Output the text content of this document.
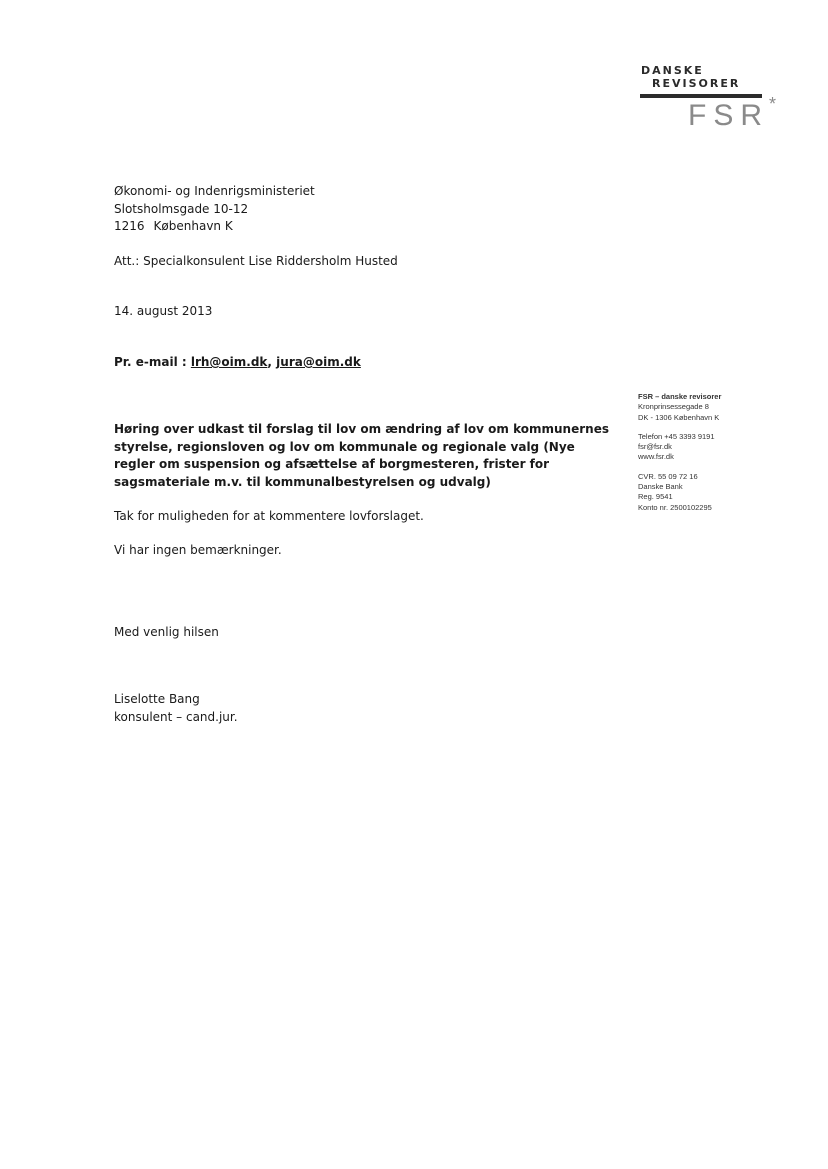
DANSKE
REVISORER
FSR*
Økonomi- og Indenrigsministeriet
Slotsholmsgade 10-12
1216 København K
Att.: Specialkonsulent Lise Riddersholm Husted
14. august 2013
Pr. e-mail : lrh@oim.dk, jura@oim.dk
FSR – danske revisorer
Kronprinsessegade 8
DK - 1306 København K
Telefon +45 3393 9191
fsr@fsr.dk
www.fsr.dk
CVR. 55 09 72 16
Danske Bank
Reg. 9541
Konto nr. 2500102295
Høring over udkast til forslag til lov om ændring af lov om kommunernes styrelse, regionsloven og lov om kommunale og regionale valg (Nye regler om suspension og afsættelse af borgmesteren, frister for sagsmateriale m.v. til kommunalbestyrelsen og udvalg)
Tak for muligheden for at kommentere lovforslaget.
Vi har ingen bemærkninger.
Med venlig hilsen
Liselotte Bang
konsulent – cand.jur.
